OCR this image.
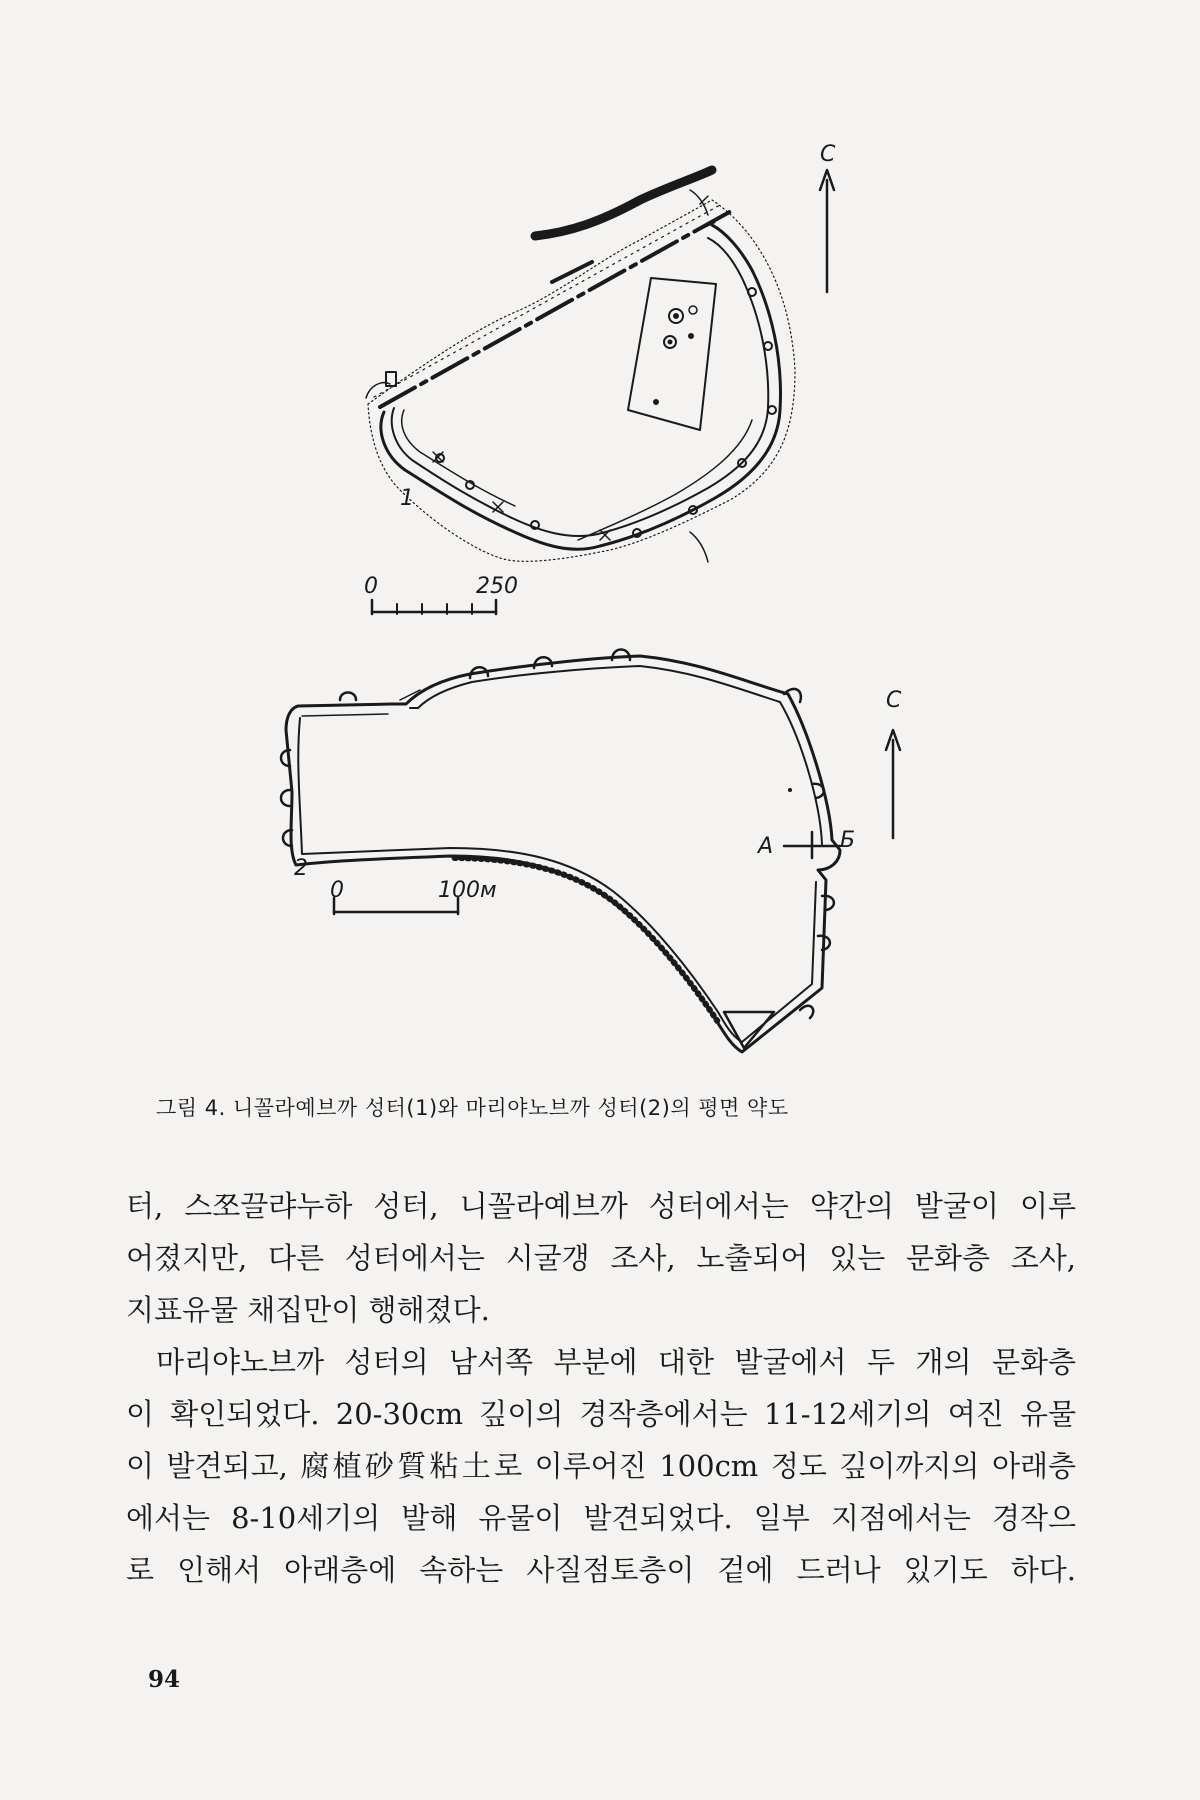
C
C
1
0	250
2
0	100м
A	Б
그림 4. 니꼴라예브까 성터(1)와 마리야노브까 성터(2)의 평면 약도
터, 스쪼끌랴누하 성터, 니꼴라예브까 성터에서는 약간의 발굴이 이루
어졌지만, 다른 성터에서는 시굴갱 조사, 노출되어 있는 문화층 조사,
지표유물 채집만이 행해졌다.
마리야노브까 성터의 남서쪽 부분에 대한 발굴에서 두 개의 문화층
이 확인되었다. 20-30cm 깊이의 경작층에서는 11-12세기의 여진 유물
이 발견되고, 腐植砂質粘土로 이루어진 100cm 정도 깊이까지의 아래층
에서는 8-10세기의 발해 유물이 발견되었다. 일부 지점에서는 경작으
로 인해서 아래층에 속하는 사질점토층이 겉에 드러나 있기도 하다.
94
